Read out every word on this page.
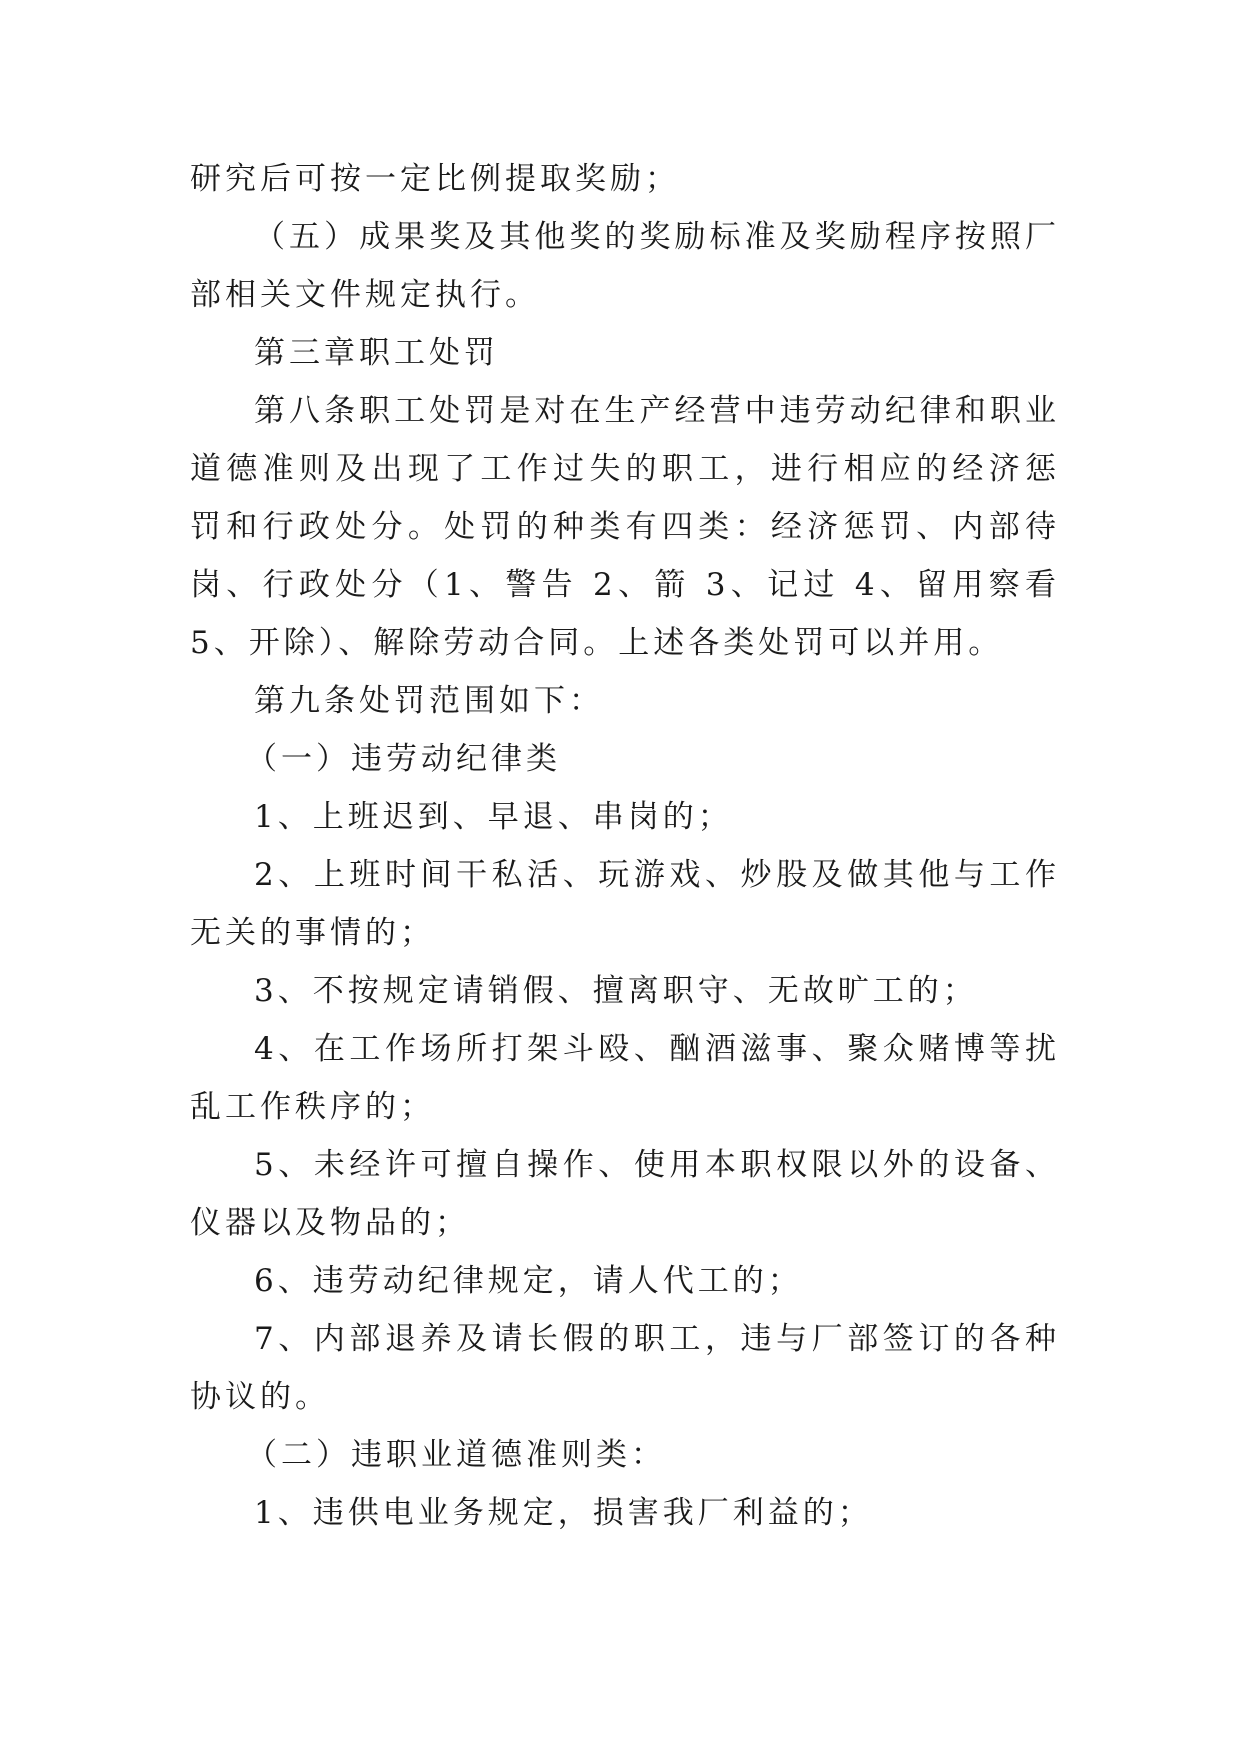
研究后可按一定比例提取奖励；

（五）成果奖及其他奖的奖励标准及奖励程序按照厂部相关文件规定执行。

第三章职工处罚

第八条职工处罚是对在生产经营中违劳动纪律和职业道德准则及出现了工作过失的职工，进行相应的经济惩罚和行政处分。处罚的种类有四类：经济惩罚、内部待岗、行政处分（1、警告 2、箭 3、记过 4、留用察看 5、开除）、解除劳动合同。上述各类处罚可以并用。

第九条处罚范围如下：

（一）违劳动纪律类

1、上班迟到、早退、串岗的；

2、上班时间干私活、玩游戏、炒股及做其他与工作无关的事情的；

3、不按规定请销假、擅离职守、无故旷工的；

4、在工作场所打架斗殴、酗酒滋事、聚众赌博等扰乱工作秩序的；

5、未经许可擅自操作、使用本职权限以外的设备、仪器以及物品的；

6、违劳动纪律规定，请人代工的；

7、内部退养及请长假的职工，违与厂部签订的各种协议的。

（二）违职业道德准则类：

1、违供电业务规定，损害我厂利益的；
